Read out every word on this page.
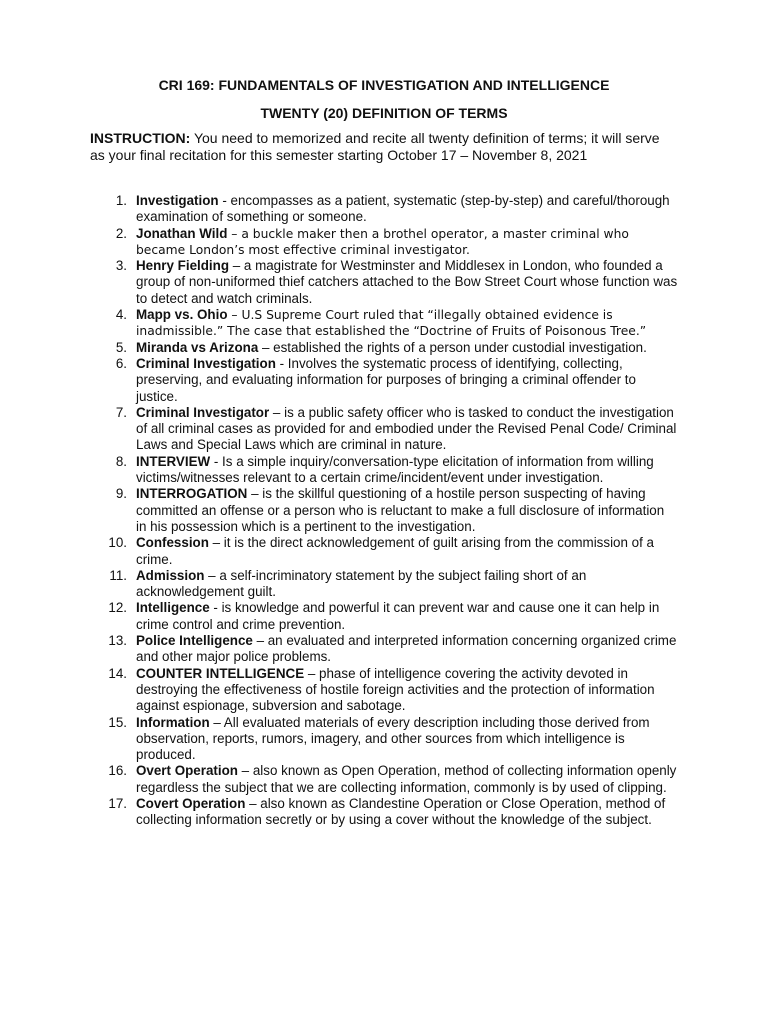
CRI 169: FUNDAMENTALS OF INVESTIGATION AND INTELLIGENCE

TWENTY (20) DEFINITION OF TERMS

INSTRUCTION: You need to memorized and recite all twenty definition of terms; it will serve as your final recitation for this semester starting October 17 – November 8, 2021

1. Investigation - encompasses as a patient, systematic (step-by-step) and careful/thorough examination of something or someone.
2. Jonathan Wild – a buckle maker then a brothel operator, a master criminal who became London’s most effective criminal investigator.
3. Henry Fielding – a magistrate for Westminster and Middlesex in London, who founded a group of non-uniformed thief catchers attached to the Bow Street Court whose function was to detect and watch criminals.
4. Mapp vs. Ohio – U.S Supreme Court ruled that “illegally obtained evidence is inadmissible.” The case that established the “Doctrine of Fruits of Poisonous Tree.”
5. Miranda vs Arizona – established the rights of a person under custodial investigation.
6. Criminal Investigation - Involves the systematic process of identifying, collecting, preserving, and evaluating information for purposes of bringing a criminal offender to justice.
7. Criminal Investigator – is a public safety officer who is tasked to conduct the investigation of all criminal cases as provided for and embodied under the Revised Penal Code/ Criminal Laws and Special Laws which are criminal in nature.
8. INTERVIEW - Is a simple inquiry/conversation-type elicitation of information from willing victims/witnesses relevant to a certain crime/incident/event under investigation.
9. INTERROGATION – is the skillful questioning of a hostile person suspecting of having committed an offense or a person who is reluctant to make a full disclosure of information in his possession which is a pertinent to the investigation.
10. Confession – it is the direct acknowledgement of guilt arising from the commission of a crime.
11. Admission – a self-incriminatory statement by the subject failing short of an acknowledgement guilt.
12. Intelligence - is knowledge and powerful it can prevent war and cause one it can help in crime control and crime prevention.
13. Police Intelligence – an evaluated and interpreted information concerning organized crime and other major police problems.
14. COUNTER INTELLIGENCE – phase of intelligence covering the activity devoted in destroying the effectiveness of hostile foreign activities and the protection of information against espionage, subversion and sabotage.
15. Information – All evaluated materials of every description including those derived from observation, reports, rumors, imagery, and other sources from which intelligence is produced.
16. Overt Operation – also known as Open Operation, method of collecting information openly regardless the subject that we are collecting information, commonly is by used of clipping.
17. Covert Operation – also known as Clandestine Operation or Close Operation, method of collecting information secretly or by using a cover without the knowledge of the subject.
